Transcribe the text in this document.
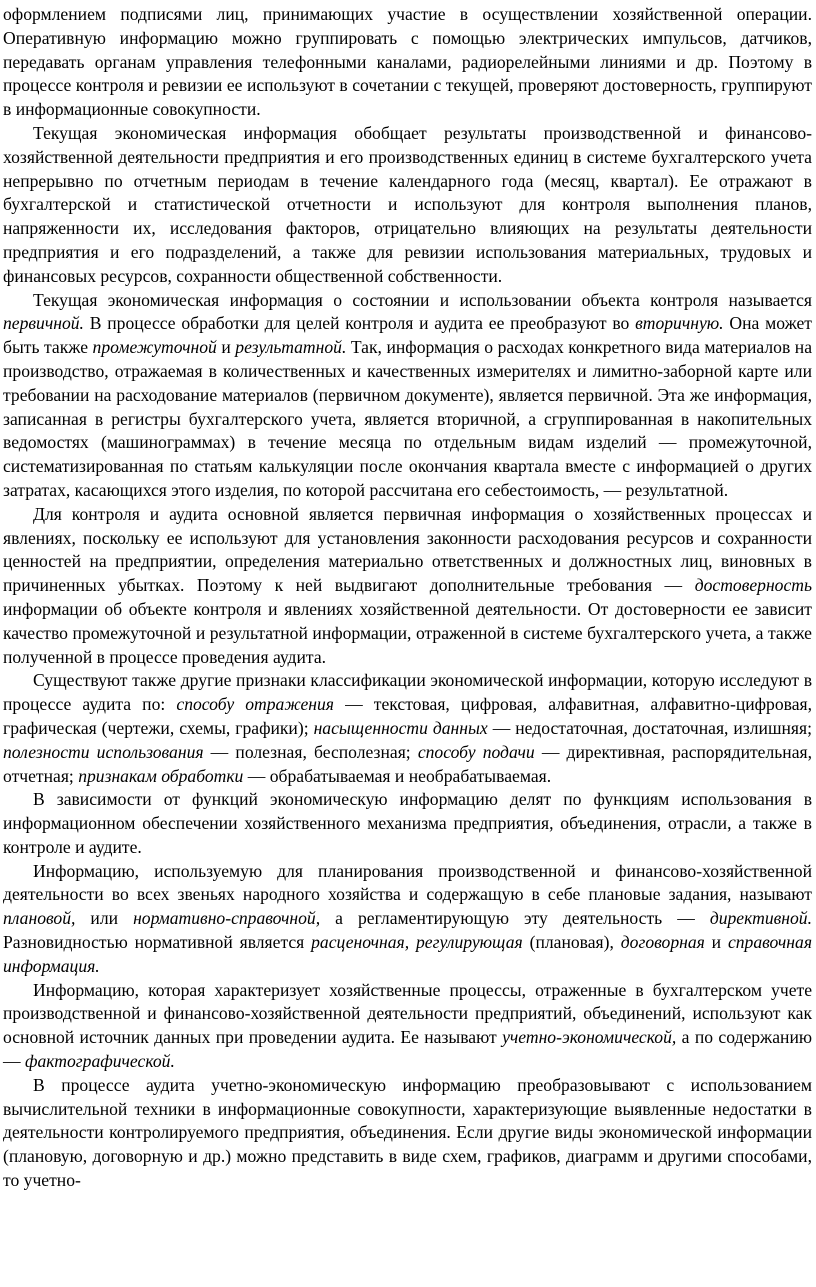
оформлением подписями лиц, принимающих участие в осуществлении хозяйственной операции. Оперативную информацию можно группировать с помощью электрических импульсов, датчиков, передавать органам управления телефонными каналами, радиорелейными линиями и др. Поэтому в процессе контроля и ревизии ее используют в сочетании с текущей, проверяют достоверность, группируют в информационные совокупности.

Текущая экономическая информация обобщает результаты производственной и финансово-хозяйственной деятельности предприятия и его производственных единиц в системе бухгалтерского учета непрерывно по отчетным периодам в течение календарного года (месяц, квартал). Ее отражают в бухгалтерской и статистической отчетности и используют для контроля выполнения планов, напряженности их, исследования факторов, отрицательно влияющих на результаты деятельности предприятия и его подразделений, а также для ревизии использования материальных, трудовых и финансовых ресурсов, сохранности общественной собственности.

Текущая экономическая информация о состоянии и использовании объекта контроля называется первичной. В процессе обработки для целей контроля и аудита ее преобразуют во вторичную. Она может быть также промежуточной и результатной. Так, информация о расходах конкретного вида материалов на производство, отражаемая в количественных и качественных измерителях и лимитно-заборной карте или требовании на расходование материалов (первичном документе), является первичной. Эта же информация, записанная в регистры бухгалтерского учета, является вторичной, а сгруппированная в накопительных ведомостях (машинограммах) в течение месяца по отдельным видам изделий — промежуточной, систематизированная по статьям калькуляции после окончания квартала вместе с информацией о других затратах, касающихся этого изделия, по которой рассчитана его себестоимость, — результатной.

Для контроля и аудита основной является первичная информация о хозяйственных процессах и явлениях, поскольку ее используют для установления законности расходования ресурсов и сохранности ценностей на предприятии, определения материально ответственных и должностных лиц, виновных в причиненных убытках. Поэтому к ней выдвигают дополнительные требования — достоверность информации об объекте контроля и явлениях хозяйственной деятельности. От достоверности ее зависит качество промежуточной и результатной информации, отраженной в системе бухгалтерского учета, а также полученной в процессе проведения аудита.

Существуют также другие признаки классификации экономической информации, которую исследуют в процессе аудита по: способу отражения — текстовая, цифровая, алфавитная, алфавитно-цифровая, графическая (чертежи, схемы, графики); насыщенности данных — недостаточная, достаточная, излишняя; полезности использования — полезная, бесполезная; способу подачи — директивная, распорядительная, отчетная; признакам обработки — обрабатываемая и необрабатываемая.

В зависимости от функций экономическую информацию делят по функциям использования в информационном обеспечении хозяйственного механизма предприятия, объединения, отрасли, а также в контроле и аудите.

Информацию, используемую для планирования производственной и финансово-хозяйственной деятельности во всех звеньях народного хозяйства и содержащую в себе плановые задания, называют плановой, или нормативно-справочной, а регламентирующую эту деятельность — директивной. Разновидностью нормативной является расценочная, регулирующая (плановая), договорная и справочная информация.

Информацию, которая характеризует хозяйственные процессы, отраженные в бухгалтерском учете производственной и финансово-хозяйственной деятельности предприятий, объединений, используют как основной источник данных при проведении аудита. Ее называют учетно-экономической, а по содержанию — фактографической.

В процессе аудита учетно-экономическую информацию преобразовывают с использованием вычислительной техники в информационные совокупности, характеризующие выявленные недостатки в деятельности контролируемого предприятия, объединения. Если другие виды экономической информации (плановую, договорную и др.) можно представить в виде схем, графиков, диаграмм и другими способами, то учетно-
